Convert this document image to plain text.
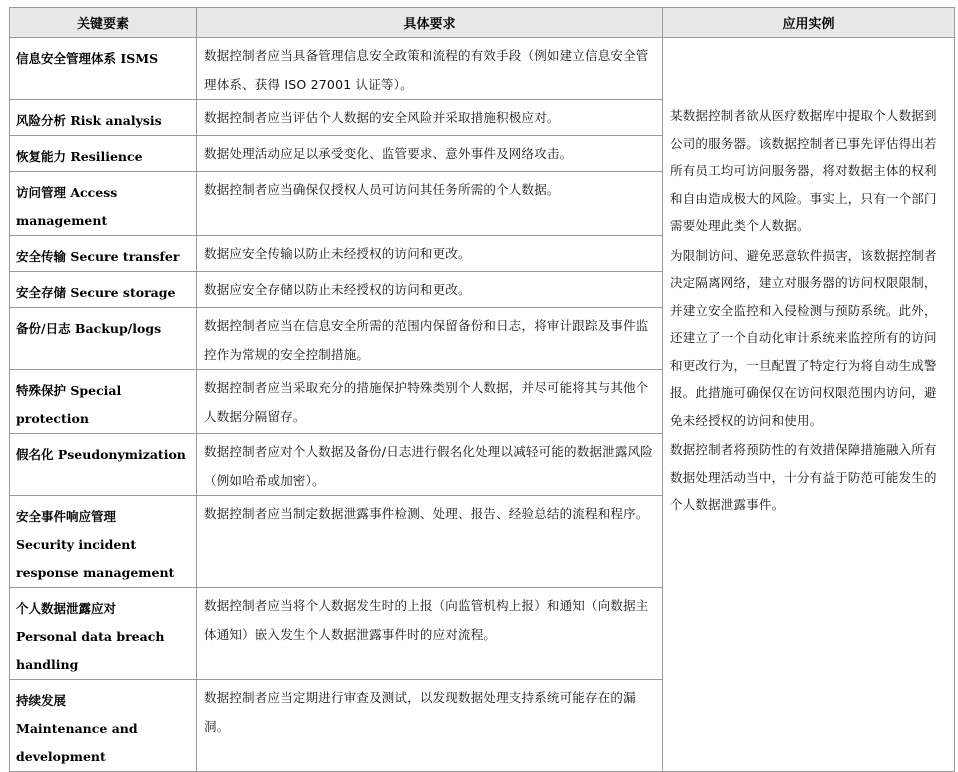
关键要素	具体要求	应用实例

信息安全管理体系 ISMS	数据控制者应当具备管理信息安全政策和流程的有效手段（例如建立信息安全管理体系、获得 ISO 27001 认证等）。	某数据控制者欲从医疗数据库中提取个人数据到公司的服务器。该数据控制者已事先评估得出若所有员工均可访问服务器，将对数据主体的权利和自由造成极大的风险。事实上，只有一个部门需要处理此类个人数据。

为限制访问、避免恶意软件损害，该数据控制者决定隔离网络，建立对服务器的访问权限限制，并建立安全监控和入侵检测与预防系统。此外，还建立了一个自动化审计系统来监控所有的访问和更改行为，一旦配置了特定行为将自动生成警报。此措施可确保仅在访问权限范围内访问，避免未经授权的访问和使用。

数据控制者将预防性的有效措保障措施融入所有数据处理活动当中，十分有益于防范可能发生的个人数据泄露事件。

风险分析 Risk analysis	数据控制者应当评估个人数据的安全风险并采取措施积极应对。	

恢复能力 Resilience	数据处理活动应足以承受变化、监管要求、意外事件及网络攻击。	

访问管理 Access
management	数据控制者应当确保仅授权人员可访问其任务所需的个人数据。	

安全传输 Secure transfer	数据应安全传输以防止未经授权的访问和更改。	

安全存储 Secure storage	数据应安全存储以防止未经授权的访问和更改。	

备份/日志 Backup/logs	数据控制者应当在信息安全所需的范围内保留备份和日志，将审计跟踪及事件监控作为常规的安全控制措施。	

特殊保护 Special
protection	数据控制者应当采取充分的措施保护特殊类别个人数据，并尽可能将其与其他个人数据分隔留存。	

假名化 Pseudonymization	数据控制者应对个人数据及备份/日志进行假名化处理以减轻可能的数据泄露风险（例如哈希或加密）。	

安全事件响应管理
Security incident
response management	数据控制者应当制定数据泄露事件检测、处理、报告、经验总结的流程和程序。	

个人数据泄露应对
Personal data breach
handling	数据控制者应当将个人数据发生时的上报（向监管机构上报）和通知（向数据主体通知）嵌入发生个人数据泄露事件时的应对流程。	

持续发展
Maintenance and
development	数据控制者应当定期进行审查及测试，以发现数据处理支持系统可能存在的漏洞。	
